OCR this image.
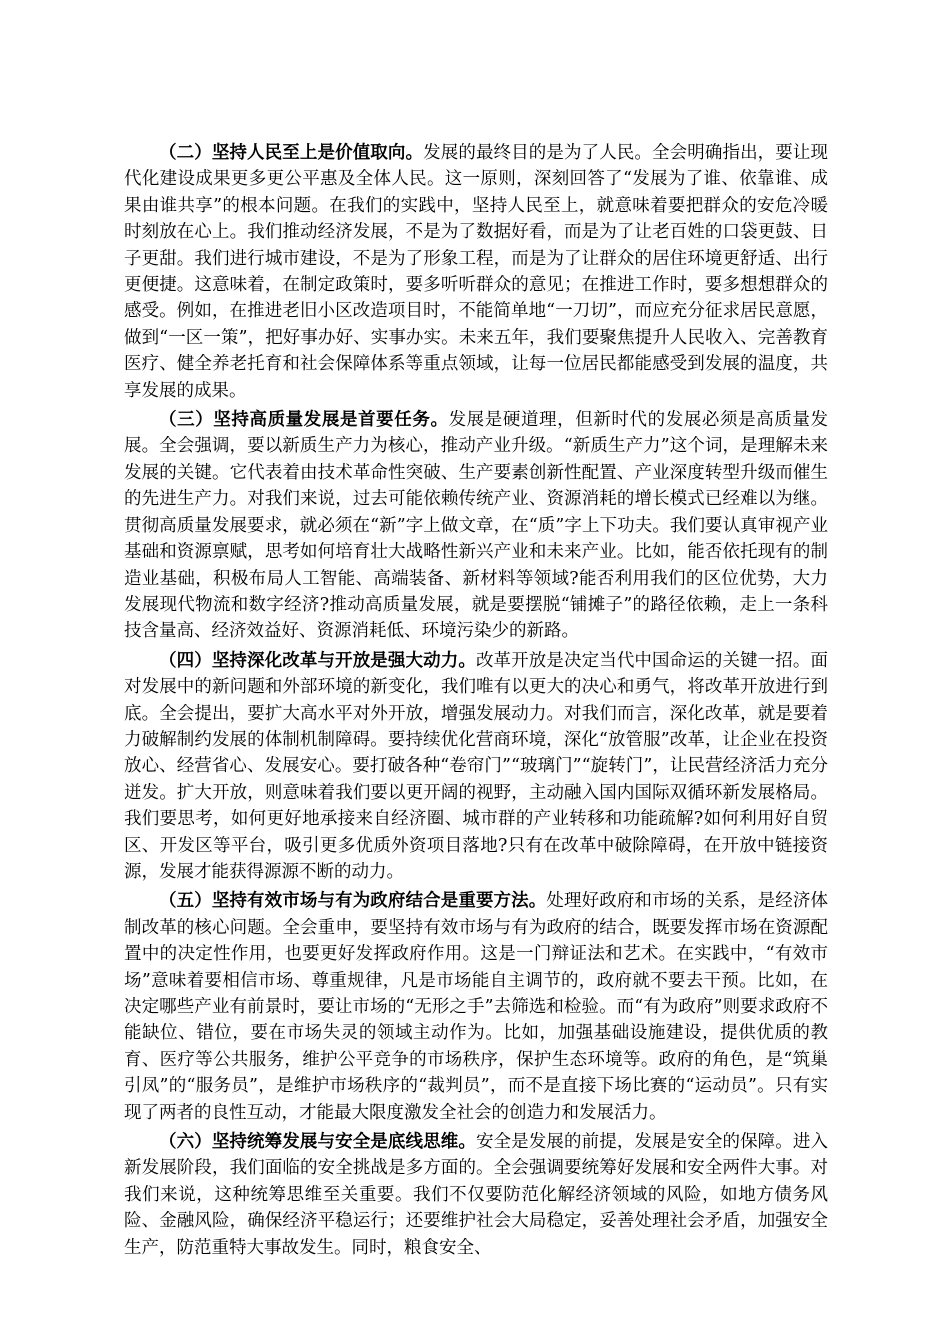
（二）坚持人民至上是价值取向。发展的最终目的是为了人民。全会明确指出，要让现代化建设成果更多更公平惠及全体人民。这一原则，深刻回答了“发展为了谁、依靠谁、成果由谁共享”的根本问题。在我们的实践中，坚持人民至上，就意味着要把群众的安危冷暖时刻放在心上。我们推动经济发展，不是为了数据好看，而是为了让老百姓的口袋更鼓、日子更甜。我们进行城市建设，不是为了形象工程，而是为了让群众的居住环境更舒适、出行更便捷。这意味着，在制定政策时，要多听听群众的意见；在推进工作时，要多想想群众的感受。例如，在推进老旧小区改造项目时，不能简单地“一刀切”，而应充分征求居民意愿，做到“一区一策”，把好事办好、实事办实。未来五年，我们要聚焦提升人民收入、完善教育医疗、健全养老托育和社会保障体系等重点领域，让每一位居民都能感受到发展的温度，共享发展的成果。

（三）坚持高质量发展是首要任务。发展是硬道理，但新时代的发展必须是高质量发展。全会强调，要以新质生产力为核心，推动产业升级。“新质生产力”这个词，是理解未来发展的关键。它代表着由技术革命性突破、生产要素创新性配置、产业深度转型升级而催生的先进生产力。对我们来说，过去可能依赖传统产业、资源消耗的增长模式已经难以为继。贯彻高质量发展要求，就必须在“新”字上做文章，在“质”字上下功夫。我们要认真审视产业基础和资源禀赋，思考如何培育壮大战略性新兴产业和未来产业。比如，能否依托现有的制造业基础，积极布局人工智能、高端装备、新材料等领域?能否利用我们的区位优势，大力发展现代物流和数字经济?推动高质量发展，就是要摆脱“铺摊子”的路径依赖，走上一条科技含量高、经济效益好、资源消耗低、环境污染少的新路。

（四）坚持深化改革与开放是强大动力。改革开放是决定当代中国命运的关键一招。面对发展中的新问题和外部环境的新变化，我们唯有以更大的决心和勇气，将改革开放进行到底。全会提出，要扩大高水平对外开放，增强发展动力。对我们而言，深化改革，就是要着力破解制约发展的体制机制障碍。要持续优化营商环境，深化“放管服”改革，让企业在投资放心、经营省心、发展安心。要打破各种“卷帘门”“玻璃门”“旋转门”，让民营经济活力充分迸发。扩大开放，则意味着我们要以更开阔的视野，主动融入国内国际双循环新发展格局。我们要思考，如何更好地承接来自经济圈、城市群的产业转移和功能疏解?如何利用好自贸区、开发区等平台，吸引更多优质外资项目落地?只有在改革中破除障碍，在开放中链接资源，发展才能获得源源不断的动力。

（五）坚持有效市场与有为政府结合是重要方法。处理好政府和市场的关系，是经济体制改革的核心问题。全会重申，要坚持有效市场与有为政府的结合，既要发挥市场在资源配置中的决定性作用，也要更好发挥政府作用。这是一门辩证法和艺术。在实践中，“有效市场”意味着要相信市场、尊重规律，凡是市场能自主调节的，政府就不要去干预。比如，在决定哪些产业有前景时，要让市场的“无形之手”去筛选和检验。而“有为政府”则要求政府不能缺位、错位，要在市场失灵的领域主动作为。比如，加强基础设施建设，提供优质的教育、医疗等公共服务，维护公平竞争的市场秩序，保护生态环境等。政府的角色，是“筑巢引凤”的“服务员”，是维护市场秩序的“裁判员”，而不是直接下场比赛的“运动员”。只有实现了两者的良性互动，才能最大限度激发全社会的创造力和发展活力。

（六）坚持统筹发展与安全是底线思维。安全是发展的前提，发展是安全的保障。进入新发展阶段，我们面临的安全挑战是多方面的。全会强调要统筹好发展和安全两件大事。对我们来说，这种统筹思维至关重要。我们不仅要防范化解经济领域的风险，如地方债务风险、金融风险，确保经济平稳运行；还要维护社会大局稳定，妥善处理社会矛盾，加强安全生产，防范重特大事故发生。同时，粮食安全、
